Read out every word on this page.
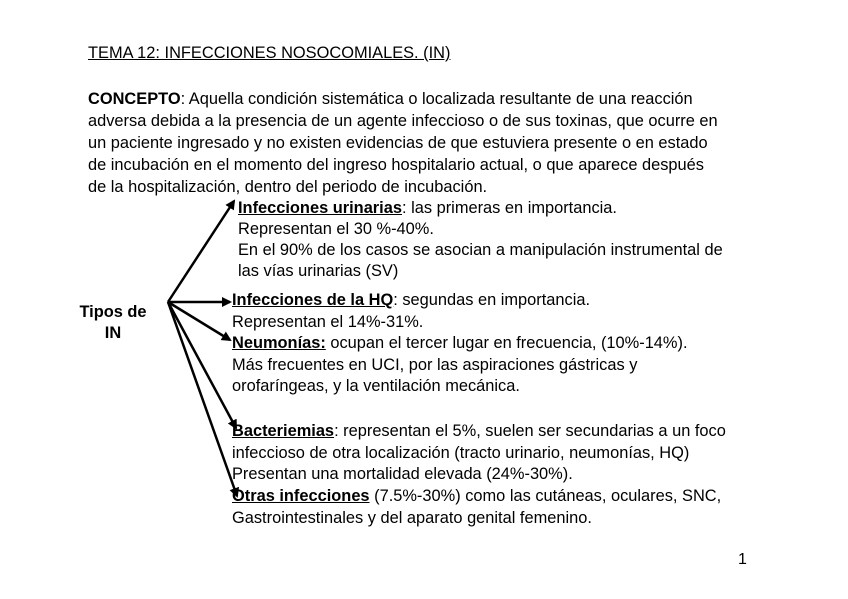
TEMA 12: INFECCIONES NOSOCOMIALES. (IN)
CONCEPTO: Aquella condición sistemática o localizada resultante de una reacción
adversa debida a la presencia de un agente infeccioso o de sus toxinas, que ocurre en
un paciente ingresado y no existen evidencias de que estuviera presente o en estado
de incubación en el momento del ingreso hospitalario actual, o que aparece después
de la hospitalización, dentro del periodo de incubación.
Tipos de
IN
Infecciones urinarias: las primeras en importancia.
Representan el 30 %-40%.
En el 90% de los casos se asocian a manipulación instrumental de
las vías urinarias (SV)
Infecciones de la HQ: segundas en importancia.
Representan el 14%-31%.
Neumonías: ocupan el tercer lugar en frecuencia, (10%-14%).
Más frecuentes en UCI, por las aspiraciones gástricas y
orofaríngeas, y la ventilación mecánica.
Bacteriemias: representan el 5%, suelen ser secundarias a un foco
infeccioso de otra localización (tracto urinario, neumonías, HQ)
Presentan una mortalidad elevada (24%-30%).
Otras infecciones (7.5%-30%) como las cutáneas, oculares, SNC,
Gastrointestinales y del aparato genital femenino.
1
